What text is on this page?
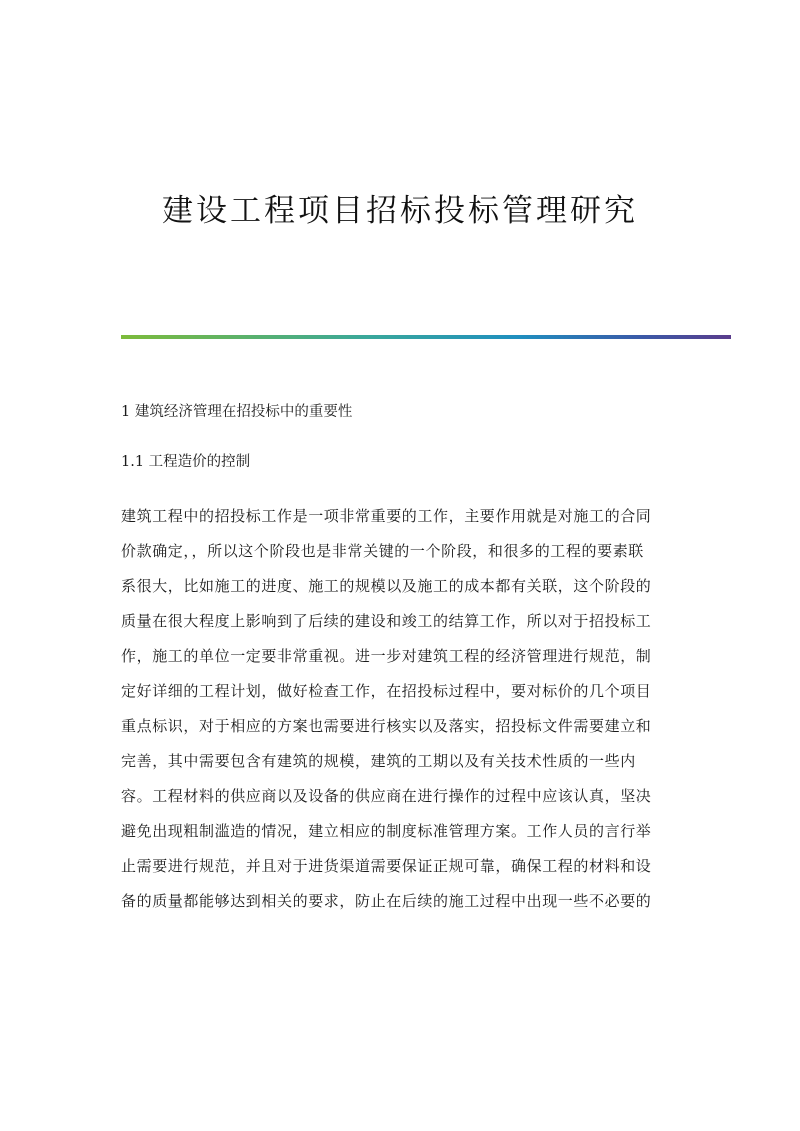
建设工程项目招标投标管理研究

1 建筑经济管理在招投标中的重要性

1.1 工程造价的控制

建筑工程中的招投标工作是一项非常重要的工作，主要作用就是对施工的合同
价款确定，，所以这个阶段也是非常关键的一个阶段，和很多的工程的要素联
系很大，比如施工的进度、施工的规模以及施工的成本都有关联，这个阶段的
质量在很大程度上影响到了后续的建设和竣工的结算工作，所以对于招投标工
作，施工的单位一定要非常重视。进一步对建筑工程的经济管理进行规范，制
定好详细的工程计划，做好检查工作，在招投标过程中，要对标价的几个项目
重点标识，对于相应的方案也需要进行核实以及落实，招投标文件需要建立和
完善，其中需要包含有建筑的规模，建筑的工期以及有关技术性质的一些内
容。工程材料的供应商以及设备的供应商在进行操作的过程中应该认真，坚决
避免出现粗制滥造的情况，建立相应的制度标准管理方案。工作人员的言行举
止需要进行规范，并且对于进货渠道需要保证正规可靠，确保工程的材料和设
备的质量都能够达到相关的要求，防止在后续的施工过程中出现一些不必要的
